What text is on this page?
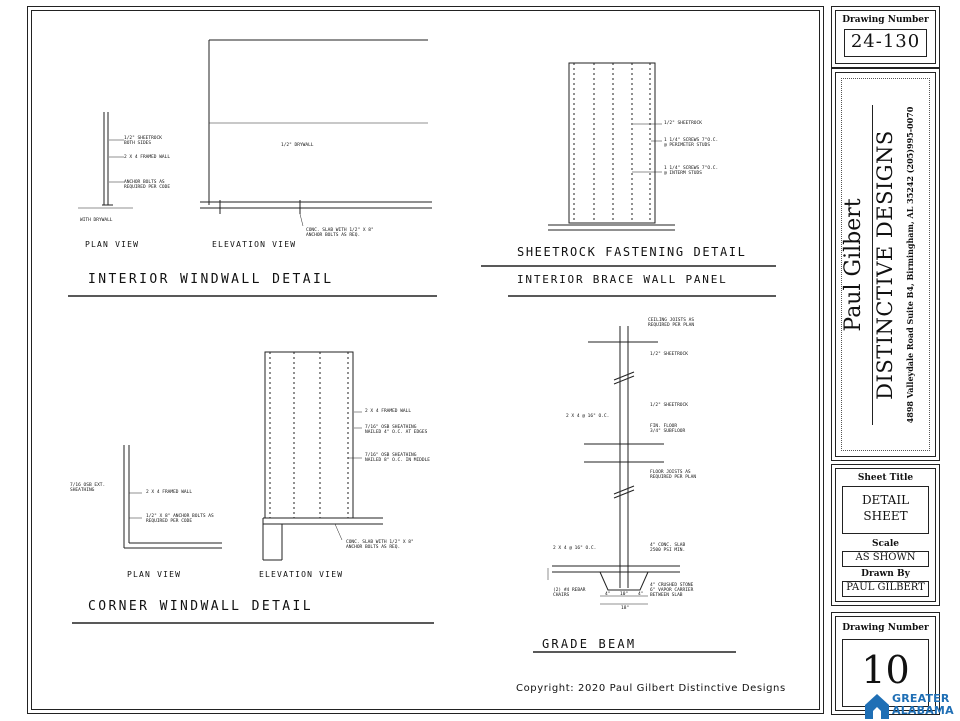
1/2" SHEETROCK
BOTH SIDES
2 X 4 FRAMED WALL
ANCHOR BOLTS AS
REQUIRED PER CODE
WITH DRYWALL
1/2" DRYWALL
CONC. SLAB WITH 1/2" X 8"
ANCHOR BOLTS AS REQ.
PLAN VIEW	ELEVATION VIEW
INTERIOR WINDWALL DETAIL
1/2" SHEETROCK
1 1/4" SCREWS 7"O.C.
@ PERIMETER STUDS
1 1/4" SCREWS 7"O.C.
@ INTERM STUDS
SHEETROCK FASTENING DETAIL
INTERIOR BRACE WALL PANEL
7/16 OSB EXT.
SHEATHING	2 X 4 FRAMED WALL
1/2" X 8" ANCHOR BOLTS AS
REQUIRED PER CODE
2 X 4 FRAMED WALL
7/16" OSB SHEATHING
NAILED 4" O.C. AT EDGES
7/16" OSB SHEATHING
NAILED 8" O.C. IN MIDDLE
CONC. SLAB WITH 1/2" X 8"
ANCHOR BOLTS AS REQ.
PLAN VIEW	ELEVATION VIEW
CORNER WINDWALL DETAIL
CEILING JOISTS AS
REQUIRED PER PLAN
1/2" SHEETROCK
1/2" SHEETROCK
2 X 4 @ 16" O.C.
FIN. FLOOR
3/4" SUBFLOOR
FLOOR JOISTS AS
REQUIRED PER PLAN
2 X 4 @ 16" O.C.
4" CONC. SLAB
2500 PSI MIN.
(2) #4 REBAR
CHAIRS
4" CRUSHED STONE
6" VAPOR CARRIER
BETWEEN SLAB
4" 10" 4"
18"
GRADE BEAM
Copyright: 2020 Paul Gilbert Distinctive Designs
Drawing Number
24-130
Paul Gilbert DISTINCTIVE DESIGNS 4898 Valleydale Road Suite B4, Birmingham, AL 35242 (205)995-0070
Sheet Title
DETAIL
SHEET
Scale
AS SHOWN
Drawn By
PAUL GILBERT
Drawing Number
10
GREATER
ALABAMA
